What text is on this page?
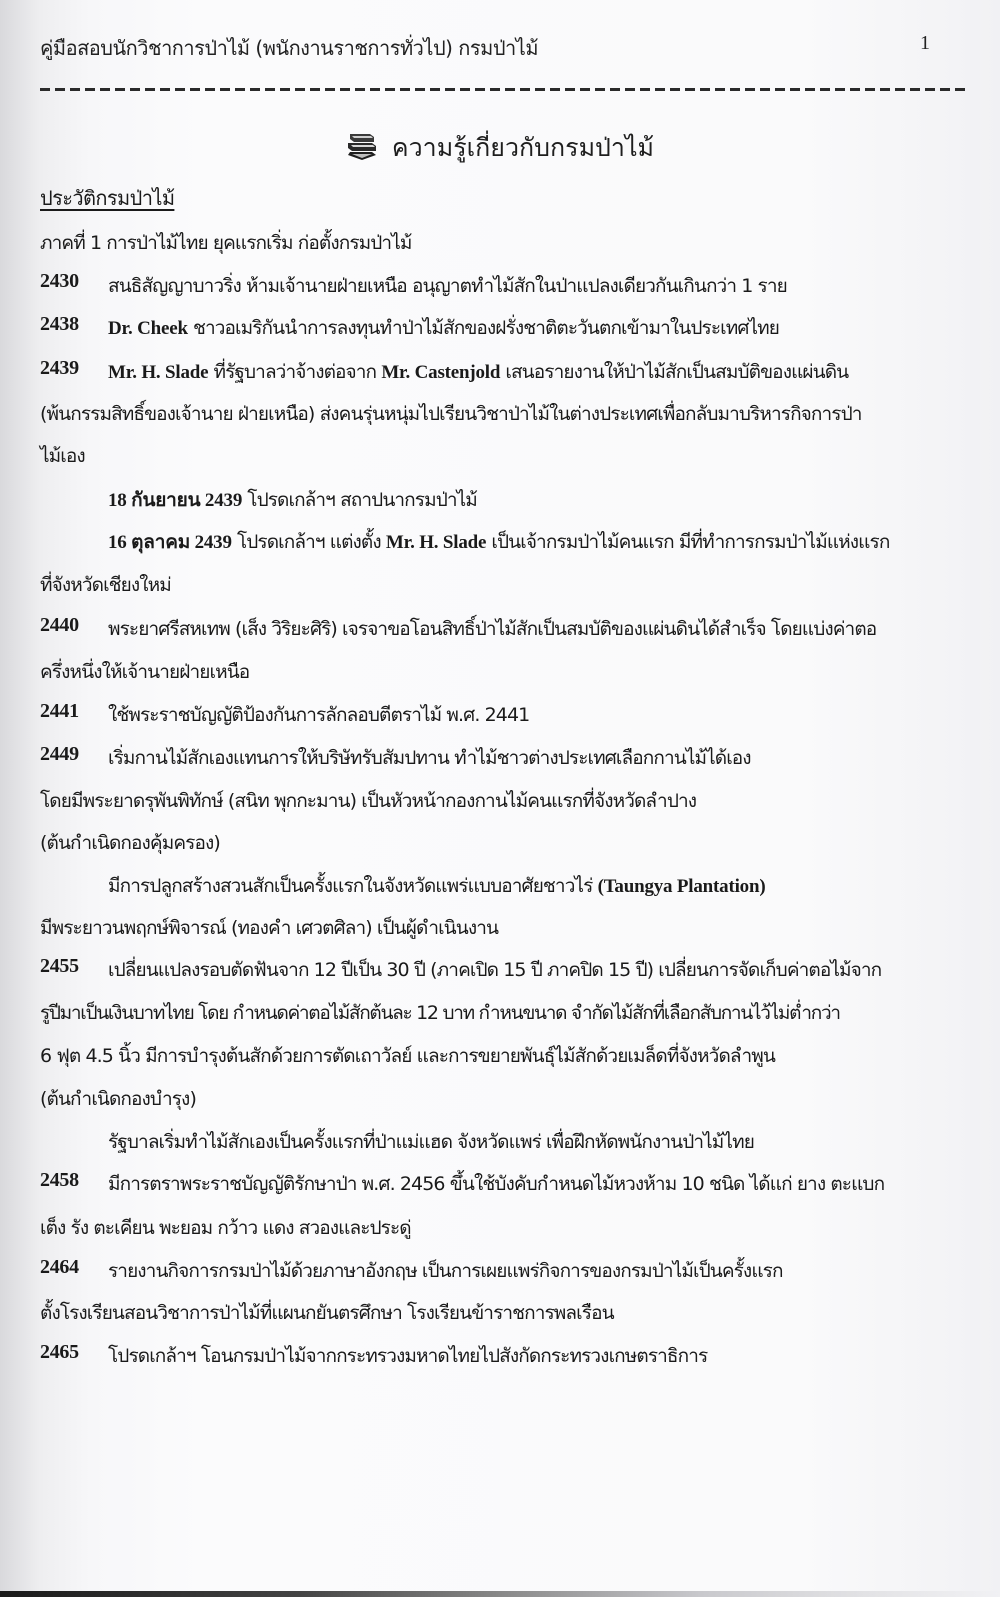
คู่มือสอบนักวิชาการป่าไม้ (พนักงานราชการทั่วไป) กรมป่าไม้	1
ความรู้เกี่ยวกับกรมป่าไม้
ประวัติกรมป่าไม้
ภาคที่ 1 การป่าไม้ไทย ยุคแรกเริ่ม ก่อตั้งกรมป่าไม้
2430 สนธิสัญญาบาวริ่ง ห้ามเจ้านายฝ่ายเหนือ อนุญาตทำไม้สักในป่าแปลงเดียวกันเกินกว่า 1 ราย
2438 Dr. Cheek ชาวอเมริกันนำการลงทุนทำป่าไม้สักของฝรั่งชาติตะวันตกเข้ามาในประเทศไทย
2439 Mr. H. Slade ที่รัฐบาลว่าจ้างต่อจาก Mr. Castenjold เสนอรายงานให้ป่าไม้สักเป็นสมบัติของแผ่นดิน
(พ้นกรรมสิทธิ์ของเจ้านาย ฝ่ายเหนือ) ส่งคนรุ่นหนุ่มไปเรียนวิชาป่าไม้ในต่างประเทศเพื่อกลับมาบริหารกิจการป่า
ไม้เอง
18 กันยายน 2439 โปรดเกล้าฯ สถาปนากรมป่าไม้
16 ตุลาคม 2439 โปรดเกล้าฯ แต่งตั้ง Mr. H. Slade เป็นเจ้ากรมป่าไม้คนแรก มีที่ทำการกรมป่าไม้แห่งแรก
ที่จังหวัดเชียงใหม่
2440 พระยาศรีสหเทพ (เส็ง วิริยะศิริ) เจรจาขอโอนสิทธิ์ป่าไม้สักเป็นสมบัติของแผ่นดินได้สำเร็จ โดยแบ่งค่าตอ
ครึ่งหนึ่งให้เจ้านายฝ่ายเหนือ
2441 ใช้พระราชบัญญัติป้องกันการลักลอบตีตราไม้ พ.ศ. 2441
2449 เริ่มกานไม้สักเองแทนการให้บริษัทรับสัมปทาน ทำไม้ชาวต่างประเทศเลือกกานไม้ได้เอง
โดยมีพระยาดรุพันพิทักษ์ (สนิท พุกกะมาน) เป็นหัวหน้ากองกานไม้คนแรกที่จังหวัดลำปาง
(ต้นกำเนิดกองคุ้มครอง)
มีการปลูกสร้างสวนสักเป็นครั้งแรกในจังหวัดแพร่แบบอาศัยชาวไร่ (Taungya Plantation)
มีพระยาวนพฤกษ์พิจารณ์ (ทองคำ เศวตศิลา) เป็นผู้ดำเนินงาน
2455 เปลี่ยนแปลงรอบตัดฟันจาก 12 ปีเป็น 30 ปี (ภาคเปิด 15 ปี ภาคปิด 15 ปี) เปลี่ยนการจัดเก็บค่าตอไม้จาก
รูปีมาเป็นเงินบาทไทย โดย กำหนดค่าตอไม้สักต้นละ 12 บาท กำหนขนาด จำกัดไม้สักที่เลือกสับกานไว้ไม่ต่ำกว่า
6 ฟุต 4.5 นิ้ว มีการบำรุงต้นสักด้วยการตัดเถาวัลย์ และการขยายพันธุ์ไม้สักด้วยเมล็ดที่จังหวัดลำพูน
(ต้นกำเนิดกองบำรุง)
รัฐบาลเริ่มทำไม้สักเองเป็นครั้งแรกที่ป่าแม่แฮด จังหวัดแพร่ เพื่อฝึกหัดพนักงานป่าไม้ไทย
2458 มีการตราพระราชบัญญัติรักษาป่า พ.ศ. 2456 ขึ้นใช้บังคับกำหนดไม้หวงห้าม 10 ชนิด ได้แก่ ยาง ตะแบก
เต็ง รัง ตะเคียน พะยอม กว้าว แดง สวองและประดู่
2464 รายงานกิจการกรมป่าไม้ด้วยภาษาอังกฤษ เป็นการเผยแพร่กิจการของกรมป่าไม้เป็นครั้งแรก
ตั้งโรงเรียนสอนวิชาการป่าไม้ที่แผนกยันตรศึกษา โรงเรียนข้าราชการพลเรือน
2465 โปรดเกล้าฯ โอนกรมป่าไม้จากกระทรวงมหาดไทยไปสังกัดกระทรวงเกษตราธิการ
